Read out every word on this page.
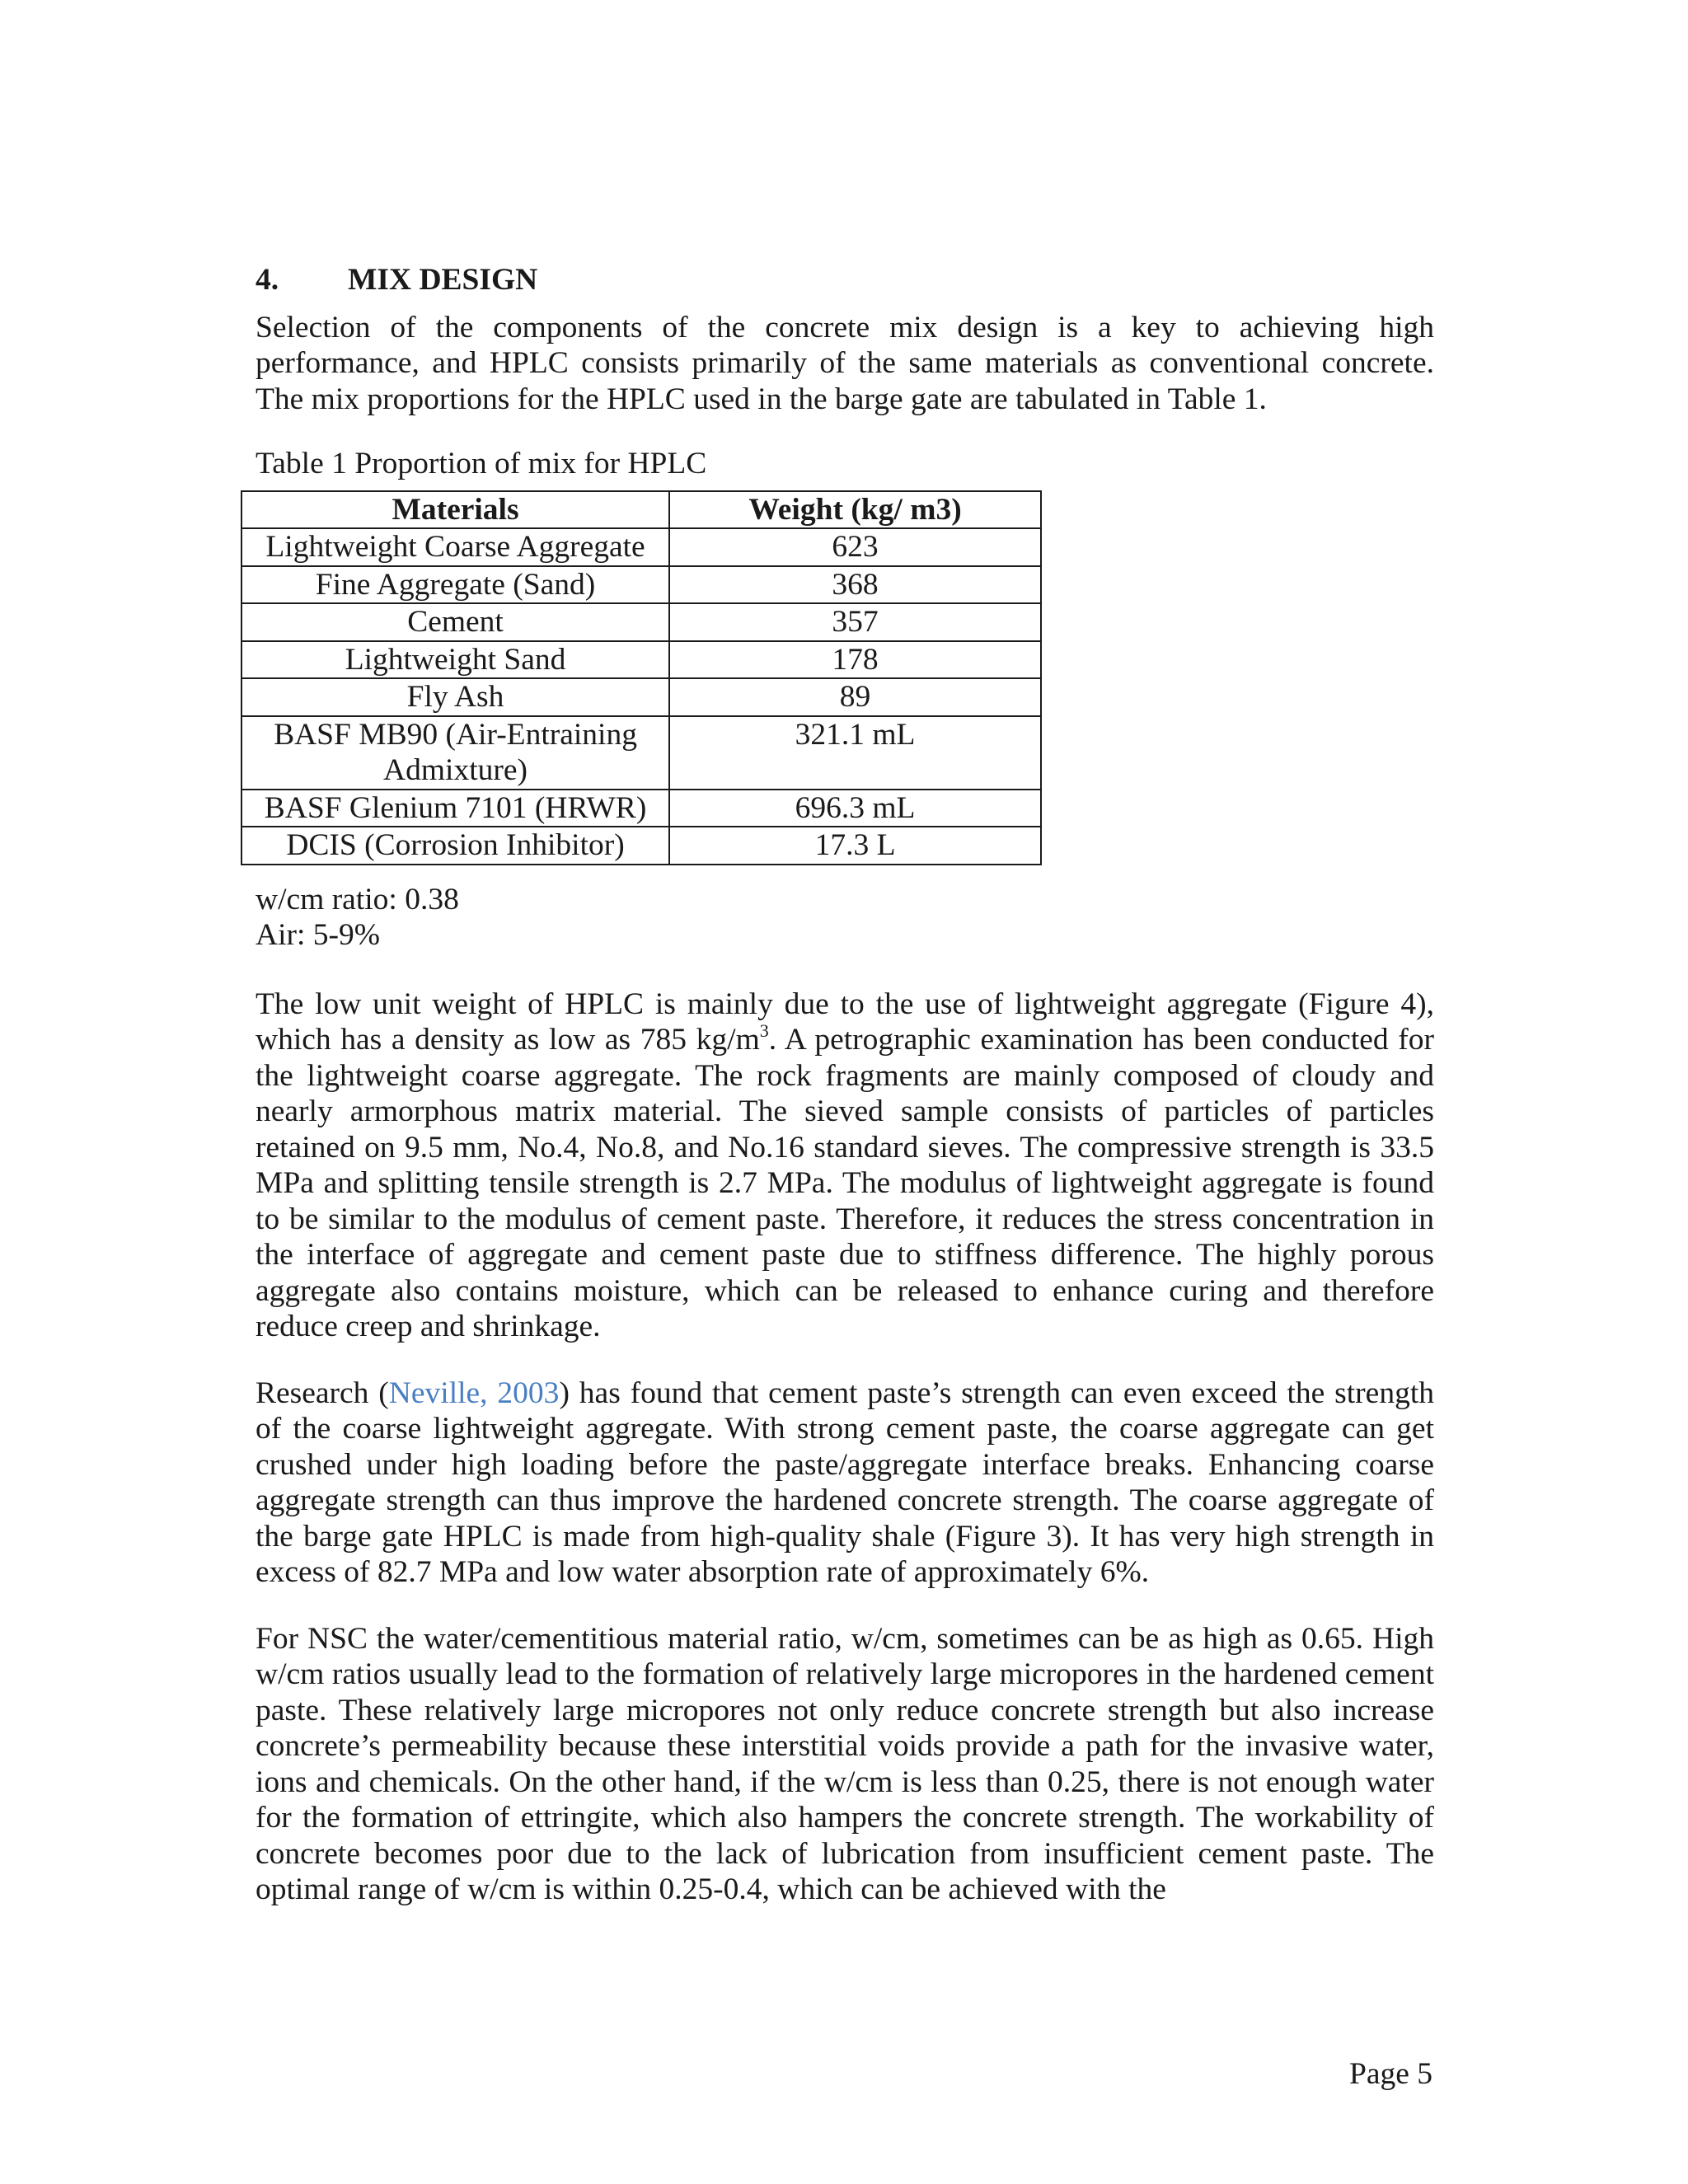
4.	MIX DESIGN

Selection of the components of the concrete mix design is a key to achieving high performance, and HPLC consists primarily of the same materials as conventional concrete. The mix proportions for the HPLC used in the barge gate are tabulated in Table 1.

Table 1 Proportion of mix for HPLC
Materials	Weight (kg/ m3)
Lightweight Coarse Aggregate	623
Fine Aggregate (Sand)	368
Cement	357
Lightweight Sand	178
Fly Ash	89
BASF MB90 (Air-Entraining Admixture)	321.1 mL
BASF Glenium 7101 (HRWR)	696.3 mL
DCIS (Corrosion Inhibitor)	17.3 L
w/cm ratio: 0.38
Air: 5-9%

The low unit weight of HPLC is mainly due to the use of lightweight aggregate (Figure 4), which has a density as low as 785 $kg/m^3$. A petrographic examination has been conducted for the lightweight coarse aggregate. The rock fragments are mainly composed of cloudy and nearly armorphous matrix material. The sieved sample consists of particles of particles retained on 9.5 mm, No.4, No.8, and No.16 standard sieves. The compressive strength is 33.5 MPa and splitting tensile strength is 2.7 MPa. The modulus of lightweight aggregate is found to be similar to the modulus of cement paste. Therefore, it reduces the stress concentration in the interface of aggregate and cement paste due to stiffness difference. The highly porous aggregate also contains moisture, which can be released to enhance curing and therefore reduce creep and shrinkage.

Research (Neville, 2003) has found that cement paste’s strength can even exceed the strength of the coarse lightweight aggregate. With strong cement paste, the coarse aggregate can get crushed under high loading before the paste/aggregate interface breaks. Enhancing coarse aggregate strength can thus improve the hardened concrete strength. The coarse aggregate of the barge gate HPLC is made from high-quality shale (Figure 3). It has very high strength in excess of 82.7 MPa and low water absorption rate of approximately 6%.

For NSC the water/cementitious material ratio, w/cm, sometimes can be as high as 0.65. High w/cm ratios usually lead to the formation of relatively large micropores in the hardened cement paste. These relatively large micropores not only reduce concrete strength but also increase concrete’s permeability because these interstitial voids provide a path for the invasive water, ions and chemicals. On the other hand, if the w/cm is less than 0.25, there is not enough water for the formation of ettringite, which also hampers the concrete strength. The workability of concrete becomes poor due to the lack of lubrication from insufficient cement paste. The optimal range of w/cm is within 0.25-0.4, which can be achieved with the

Page 5
